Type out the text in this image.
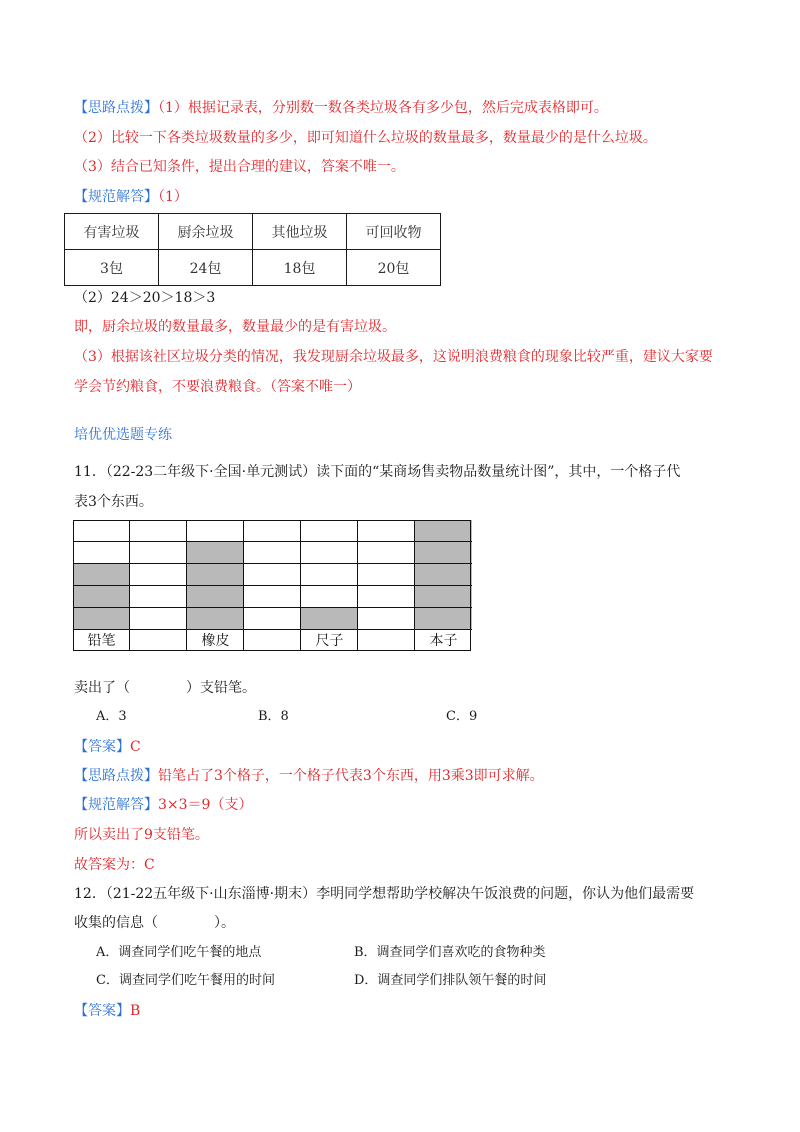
【思路点拨】（1）根据记录表，分别数一数各类垃圾各有多少包，然后完成表格即可。
（2）比较一下各类垃圾数量的多少，即可知道什么垃圾的数量最多，数量最少的是什么垃圾。
（3）结合已知条件，提出合理的建议，答案不唯一。
【规范解答】（1）
有害垃圾	厨余垃圾	其他垃圾	可回收物
3包	24包	18包	20包
（2）24＞20＞18＞3
即，厨余垃圾的数量最多，数量最少的是有害垃圾。
（3）根据该社区垃圾分类的情况，我发现厨余垃圾最多，这说明浪费粮食的现象比较严重，建议大家要
学会节约粮食，不要浪费粮食。（答案不唯一）
培优优选题专练
11．（22-23二年级下·全国·单元测试）读下面的“某商场售卖物品数量统计图”，其中，一个格子代
表3个东西。
铅笔	橡皮	尺子	本子
卖出了（　　　　）支铅笔。
A．3	B．8	C．9
【答案】C
【思路点拨】铅笔占了3个格子，一个格子代表3个东西，用3乘3即可求解。
【规范解答】3×3＝9（支）
所以卖出了9支铅笔。
故答案为：C
12．（21-22五年级下·山东淄博·期末）李明同学想帮助学校解决午饭浪费的问题，你认为他们最需要
收集的信息（　　　　）。
A．调查同学们吃午餐的地点	B．调查同学们喜欢吃的食物种类
C．调查同学们吃午餐用的时间	D．调查同学们排队领午餐的时间
【答案】B
